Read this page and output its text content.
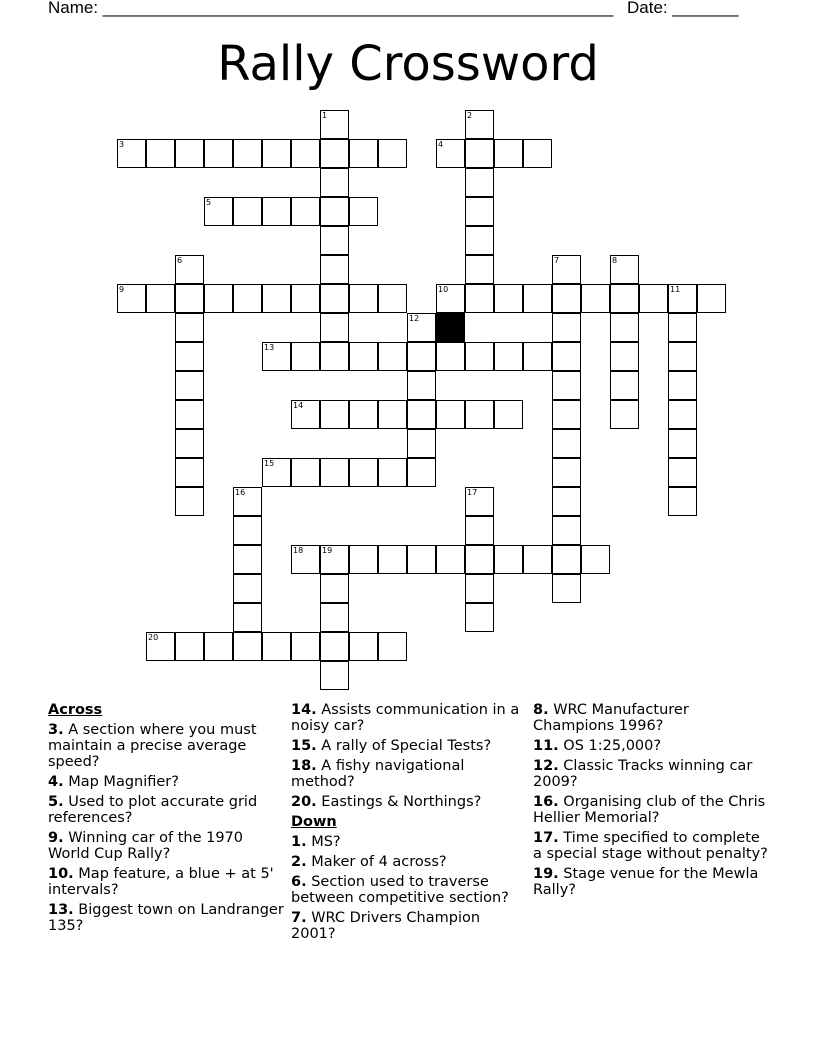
Name: ______________________________________________________ Date: _______
Rally Crossword
3	4
5
9	10	11
13
14
15
18 19
20
1	2
6	7	8
12
16	17
Across
3. A section where you must maintain a precise average speed?
4. Map Magnifier?
5. Used to plot accurate grid references?
9. Winning car of the 1970 World Cup Rally?
10. Map feature, a blue + at 5' intervals?
13. Biggest town on Landranger 135?
14. Assists communication in a noisy car?
15. A rally of Special Tests?
18. A fishy navigational method?
20. Eastings & Northings?
Down
1. MS?
2. Maker of 4 across?
6. Section used to traverse between competitive section?
7. WRC Drivers Champion 2001?
8. WRC Manufacturer Champions 1996?
11. OS 1:25,000?
12. Classic Tracks winning car 2009?
16. Organising club of the Chris Hellier Memorial?
17. Time specified to complete a special stage without penalty?
19. Stage venue for the Mewla Rally?
